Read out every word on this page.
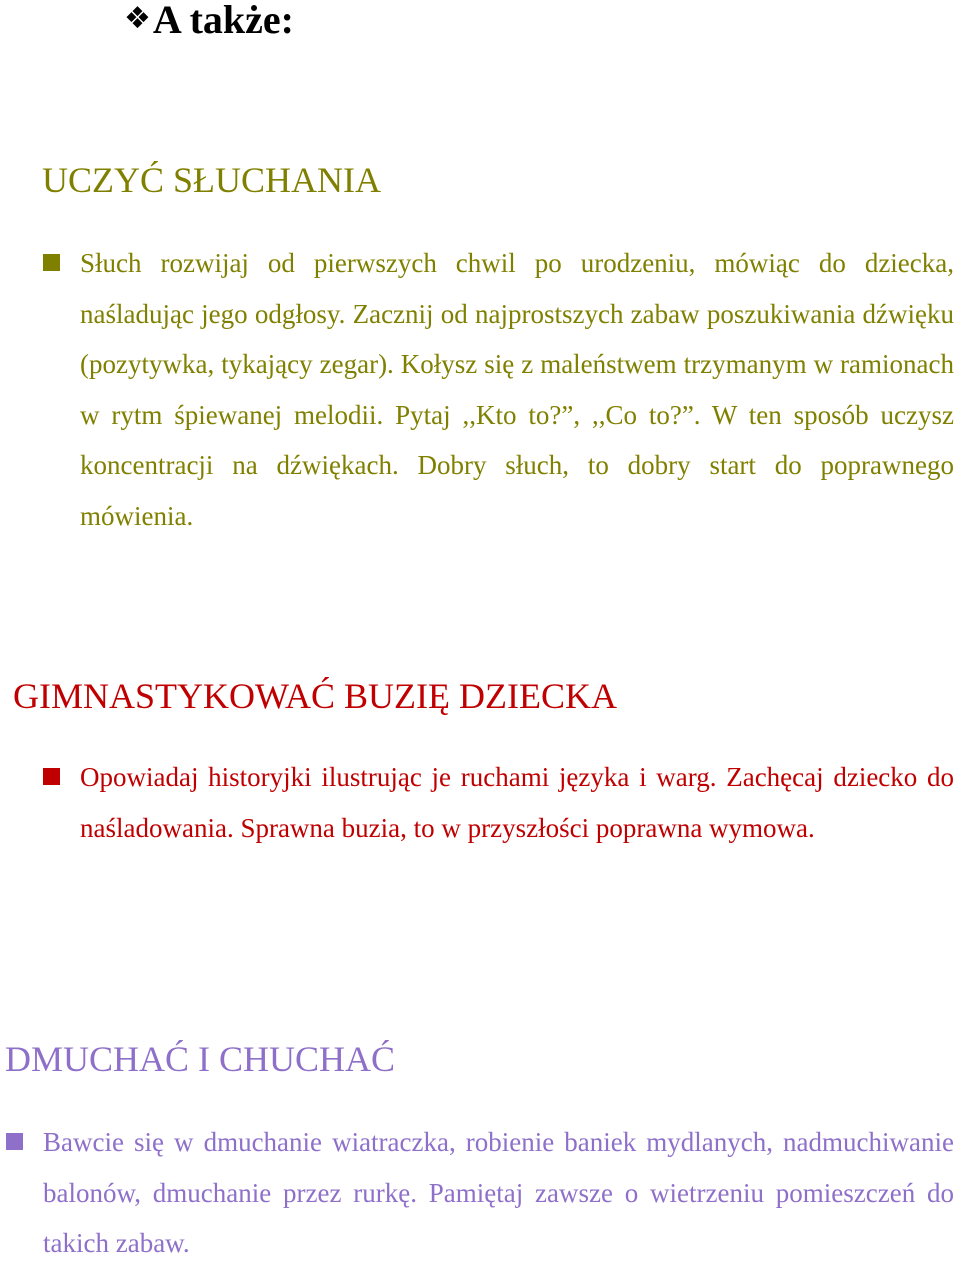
❖A także:
UCZYĆ SŁUCHANIA

Słuch rozwijaj od pierwszych chwil po urodzeniu, mówiąc do dziecka, naśladując jego odgłosy. Zacznij od najprostszych zabaw poszukiwania dźwięku (pozytywka, tykający zegar). Kołysz się z maleństwem trzymanym w ramionach w rytm śpiewanej melodii. Pytaj ,,Kto to?”, ,,Co to?”. W ten sposób uczysz koncentracji na dźwiękach. Dobry słuch, to dobry start do poprawnego mówienia.

GIMNASTYKOWAĆ BUZIĘ DZIECKA

Opowiadaj historyjki ilustrując je ruchami języka i warg. Zachęcaj dziecko do naśladowania. Sprawna buzia, to w przyszłości poprawna wymowa.

DMUCHAĆ I CHUCHAĆ

Bawcie się w dmuchanie wiatraczka, robienie baniek mydlanych, nadmuchiwanie balonów, dmuchanie przez rurkę. Pamiętaj zawsze o wietrzeniu pomieszczeń do takich zabaw.
